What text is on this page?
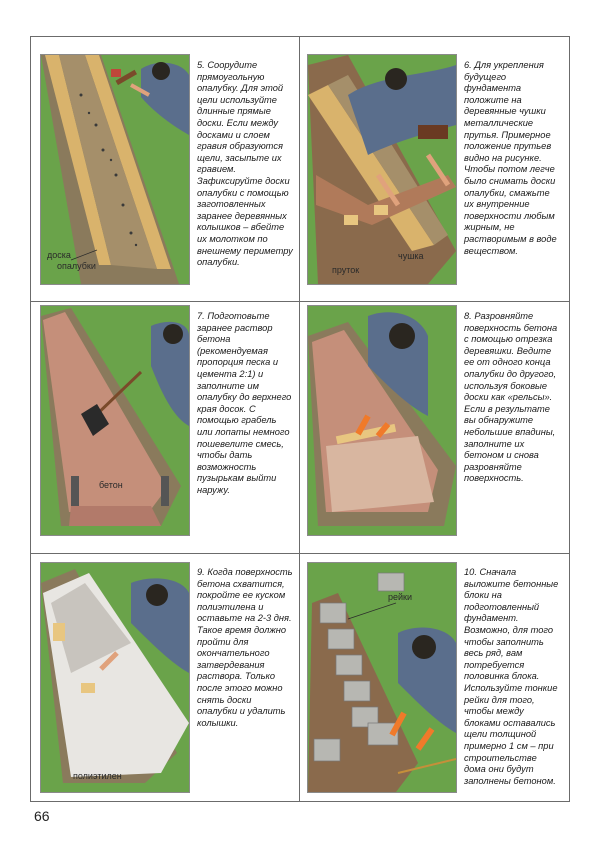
доска
опалубки
5. Соорудите прямоугольную опалубку. Для этой цели используйте длинные прямые доски. Если между досками и слоем гравия образуются щели, засыпьте их гравием. Зафиксируйте доски опалубки с помощью заготовленных заранее деревянных колышков – вбейте их молотком по внешнему периметру опалубки.
пруток
чушка
6. Для укрепления будущего фундамента положите на деревянные чушки металлические прутья. Примерное положение прутьев видно на рисунке. Чтобы потом легче было снимать доски опалубки, смажьте их внутренние поверхности любым жирным, не растворимым в воде веществом.
бетон
7. Подготовьте заранее раствор бетона (рекомендуемая пропорция песка и цемента 2:1) и заполните им опалубку до верхнего края досок. С помощью грабель или лопаты немного пошевелите смесь, чтобы дать возможность пузырькам выйти наружу.
8. Разровняйте поверхность бетона с помощью отрезка деревяшки. Ведите ее от одного конца опалубки до другого, используя боковые доски как «рельсы». Если в результате вы обнаружите небольшие впадины, заполните их бетоном и снова разровняйте поверхность.
полиэтилен
9. Когда поверхность бетона схватится, покройте ее куском полиэтилена и оставьте на 2-3 дня. Такое время должно пройти для окончательного затвердевания раствора. Только после этого можно снять доски опалубки и удалить колышки.
рейки
10. Сначала выложите бетонные блоки на подготовленный фундамент. Возможно, для того чтобы заполнить весь ряд, вам потребуется половинка блока. Используйте тонкие рейки для того, чтобы между блоками оставались щели толщиной примерно 1 см – при строительстве дома они будут заполнены бетоном.
66
